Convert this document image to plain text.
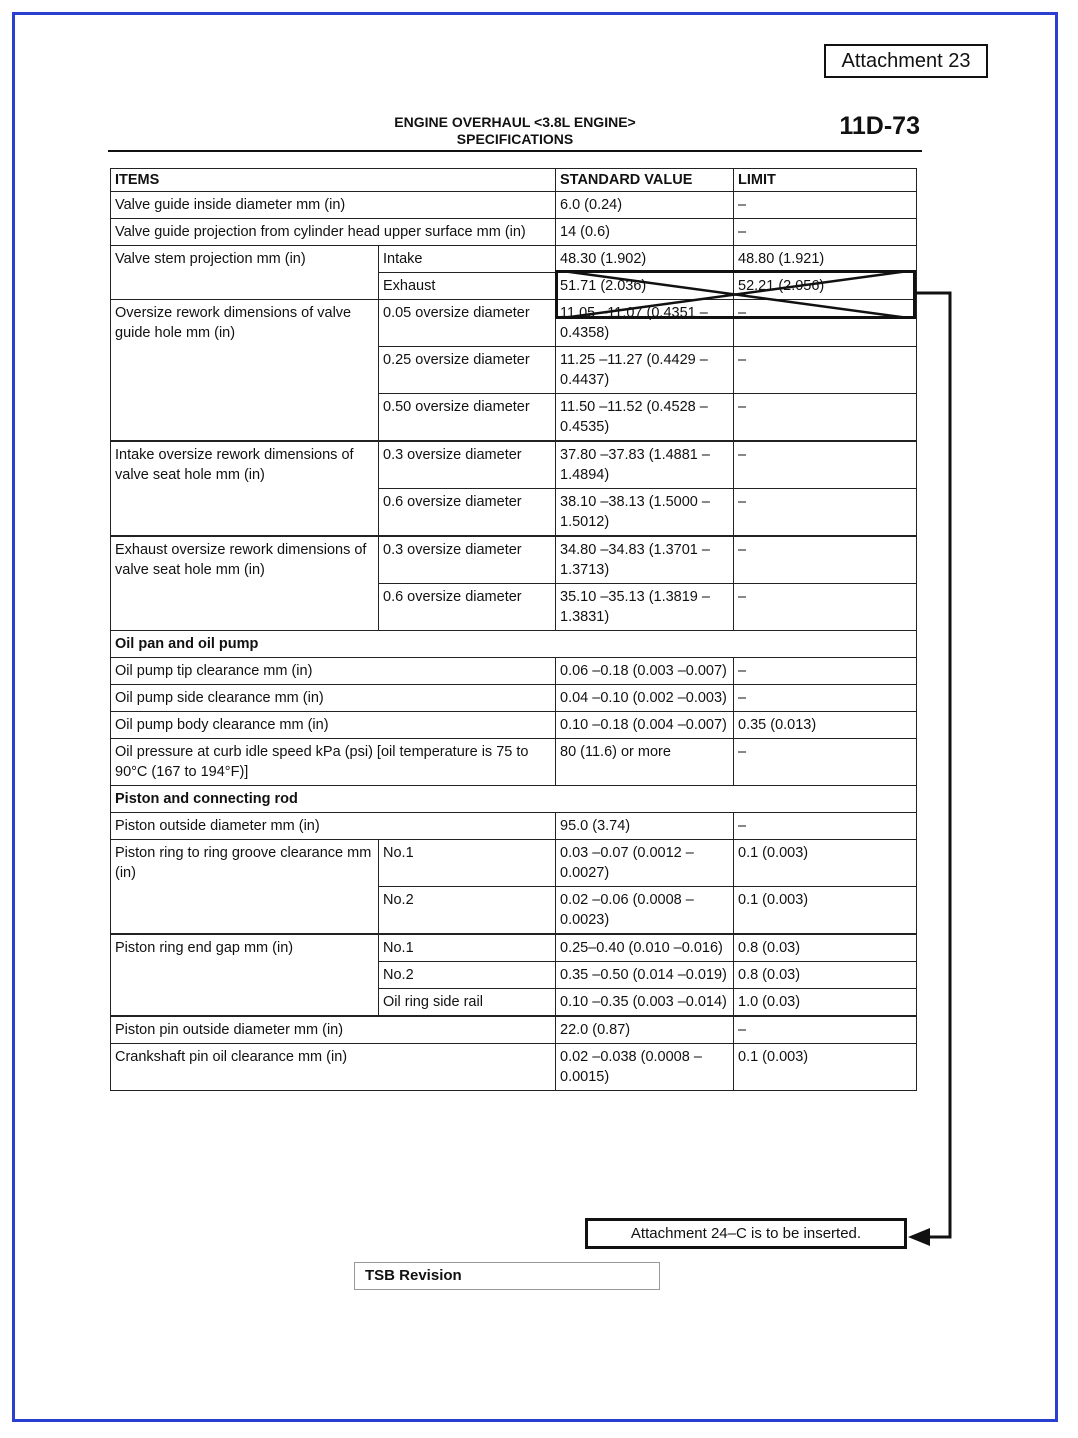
Attachment 23
ENGINE OVERHAUL <3.8L ENGINE>
SPECIFICATIONS	11D-73
ITEMS		STANDARD VALUE	LIMIT
Valve guide inside diameter mm (in)		6.0 (0.24)	–
Valve guide projection from cylinder head upper surface mm (in)		14 (0.6)	–
Valve stem projection mm (in)	Intake	48.30 (1.902)	48.80 (1.921)
	Exhaust	51.71 (2.036)	52.21 (2.056)
Oversize rework dimensions of valve guide hole mm (in)	0.05 oversize diameter	11.05 –11.07 (0.4351 –0.4358)	–
	0.25 oversize diameter	11.25 –11.27 (0.4429 –0.4437)	–
	0.50 oversize diameter	11.50 –11.52 (0.4528 –0.4535)	–
Intake oversize rework dimensions of valve seat hole mm (in)	0.3 oversize diameter	37.80 –37.83 (1.4881 –1.4894)	–
	0.6 oversize diameter	38.10 –38.13 (1.5000 –1.5012)	–
Exhaust oversize rework dimensions of valve seat hole mm (in)	0.3 oversize diameter	34.80 –34.83 (1.3701 –1.3713)	–
	0.6 oversize diameter	35.10 –35.13 (1.3819 –1.3831)	–
Oil pan and oil pump			
Oil pump tip clearance mm (in)		0.06 –0.18 (0.003 –0.007)	–
Oil pump side clearance mm (in)		0.04 –0.10 (0.002 –0.003)	–
Oil pump body clearance mm (in)		0.10 –0.18 (0.004 –0.007)	0.35 (0.013)
Oil pressure at curb idle speed kPa (psi) [oil temperature is 75 to 90°C (167 to 194°F)]		80 (11.6) or more	–
Piston and connecting rod			
Piston outside diameter mm (in)		95.0 (3.74)	–
Piston ring to ring groove clearance mm (in)	No.1	0.03 –0.07 (0.0012 –0.0027)	0.1 (0.003)
	No.2	0.02 –0.06 (0.0008 –0.0023)	0.1 (0.003)
Piston ring end gap mm (in)	No.1	0.25–0.40 (0.010 –0.016)	0.8 (0.03)
	No.2	0.35 –0.50 (0.014 –0.019)	0.8 (0.03)
	Oil ring side rail	0.10 –0.35 (0.003 –0.014)	1.0 (0.03)
Piston pin outside diameter mm (in)		22.0 (0.87)	–
Crankshaft pin oil clearance mm (in)		0.02 –0.038 (0.0008 –0.0015)	0.1 (0.003)
Attachment 24–C is to be inserted.
TSB Revision
